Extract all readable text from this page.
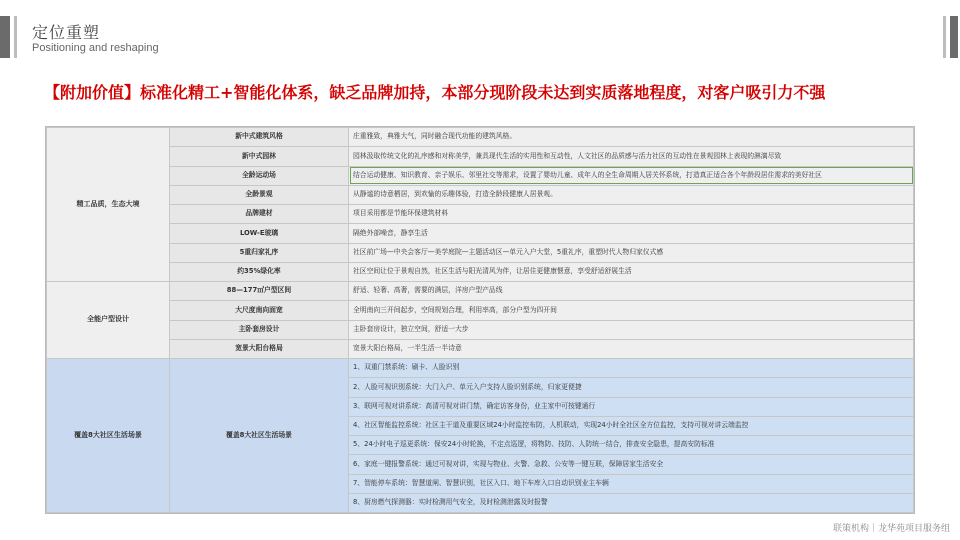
定位重塑
Positioning and reshaping
【附加价值】标准化精工+智能化体系，缺乏品牌加持，本部分现阶段未达到实质落地程度，对客户吸引力不强
精工品质，生态大境	新中式建筑风格	庄重雅致，典雅大气，同时融合现代功能的建筑风格。
	新中式园林	园林汲取传统文化的礼序感和对称美学，兼具现代生活的实用性和互动性，人文社区的品质感与活力社区的互动性在景观园林上表现的淋漓尽致
	全龄运动场	结合运动健康、知识教育、亲子娱乐、邻里社交等需求，设置了婴幼儿童、成年人的全生命周期人居关怀系统，打造真正适合各个年龄段居住需求的美好社区
	全龄景观	从静谧的诗意栖居，到欢愉的乐趣体验，打造全龄段健康人居景观。
	品牌建材	项目采用都是节能环保建筑材料
	LOW-E玻璃	隔绝外部噪音，静享生活
	5重归家礼序	社区前广场—中央会客厅—美学庭院—主题活动区—单元入户大堂，5重礼序，重塑时代人物归家仪式感
	约35%绿化率	社区空间让位于景观自然，社区生活与阳光清风为伴，让居住更健康惬意，享受舒适舒展生活
全能户型设计	88—177㎡户型区间	舒适、轻奢、高奢，需要的满层，洋房户型产品线
	大尺度南向面宽	全明南向三开间起步，空间规划合理，利用率高，部分户型为四开间
	主卧套房设计	主卧套房设计，独立空间，舒适一大步
	宽景大阳台格局	宽景大阳台格局，一半生活一半诗意
覆盖8大社区生活场景	覆盖8大社区生活场景	1、双重门禁系统：刷卡、人脸识别
		2、人脸可视识别系统：大门入户、单元入户支持人脸识别系统，归家更便捷
		3、联网可视对讲系统：高清可视对讲门禁，确定访客身份，业主家中可按键通行
		4、社区智能监控系统：社区主干道及重要区域24小时监控布防，人机联动，实现24小时全社区全方位监控，支持可视对讲云端监控
		5、24小时电子巡更系统：保安24小时轮换，不定点巡逻，将物防、技防、人防统一结合，排查安全隐患，提高安防标准
		6、家庭一键报警系统：通过可视对讲，实现与物业、火警、急救、公安等一键互联，保障居家生活安全
		7、智能停车系统：智慧道闸、智慧识别，社区入口、地下车库入口自动识别业主车辆
		8、厨房燃气探测器：实时检测用气安全，及时检测泄露及时报警
联策机构｜龙华苑项目服务组
